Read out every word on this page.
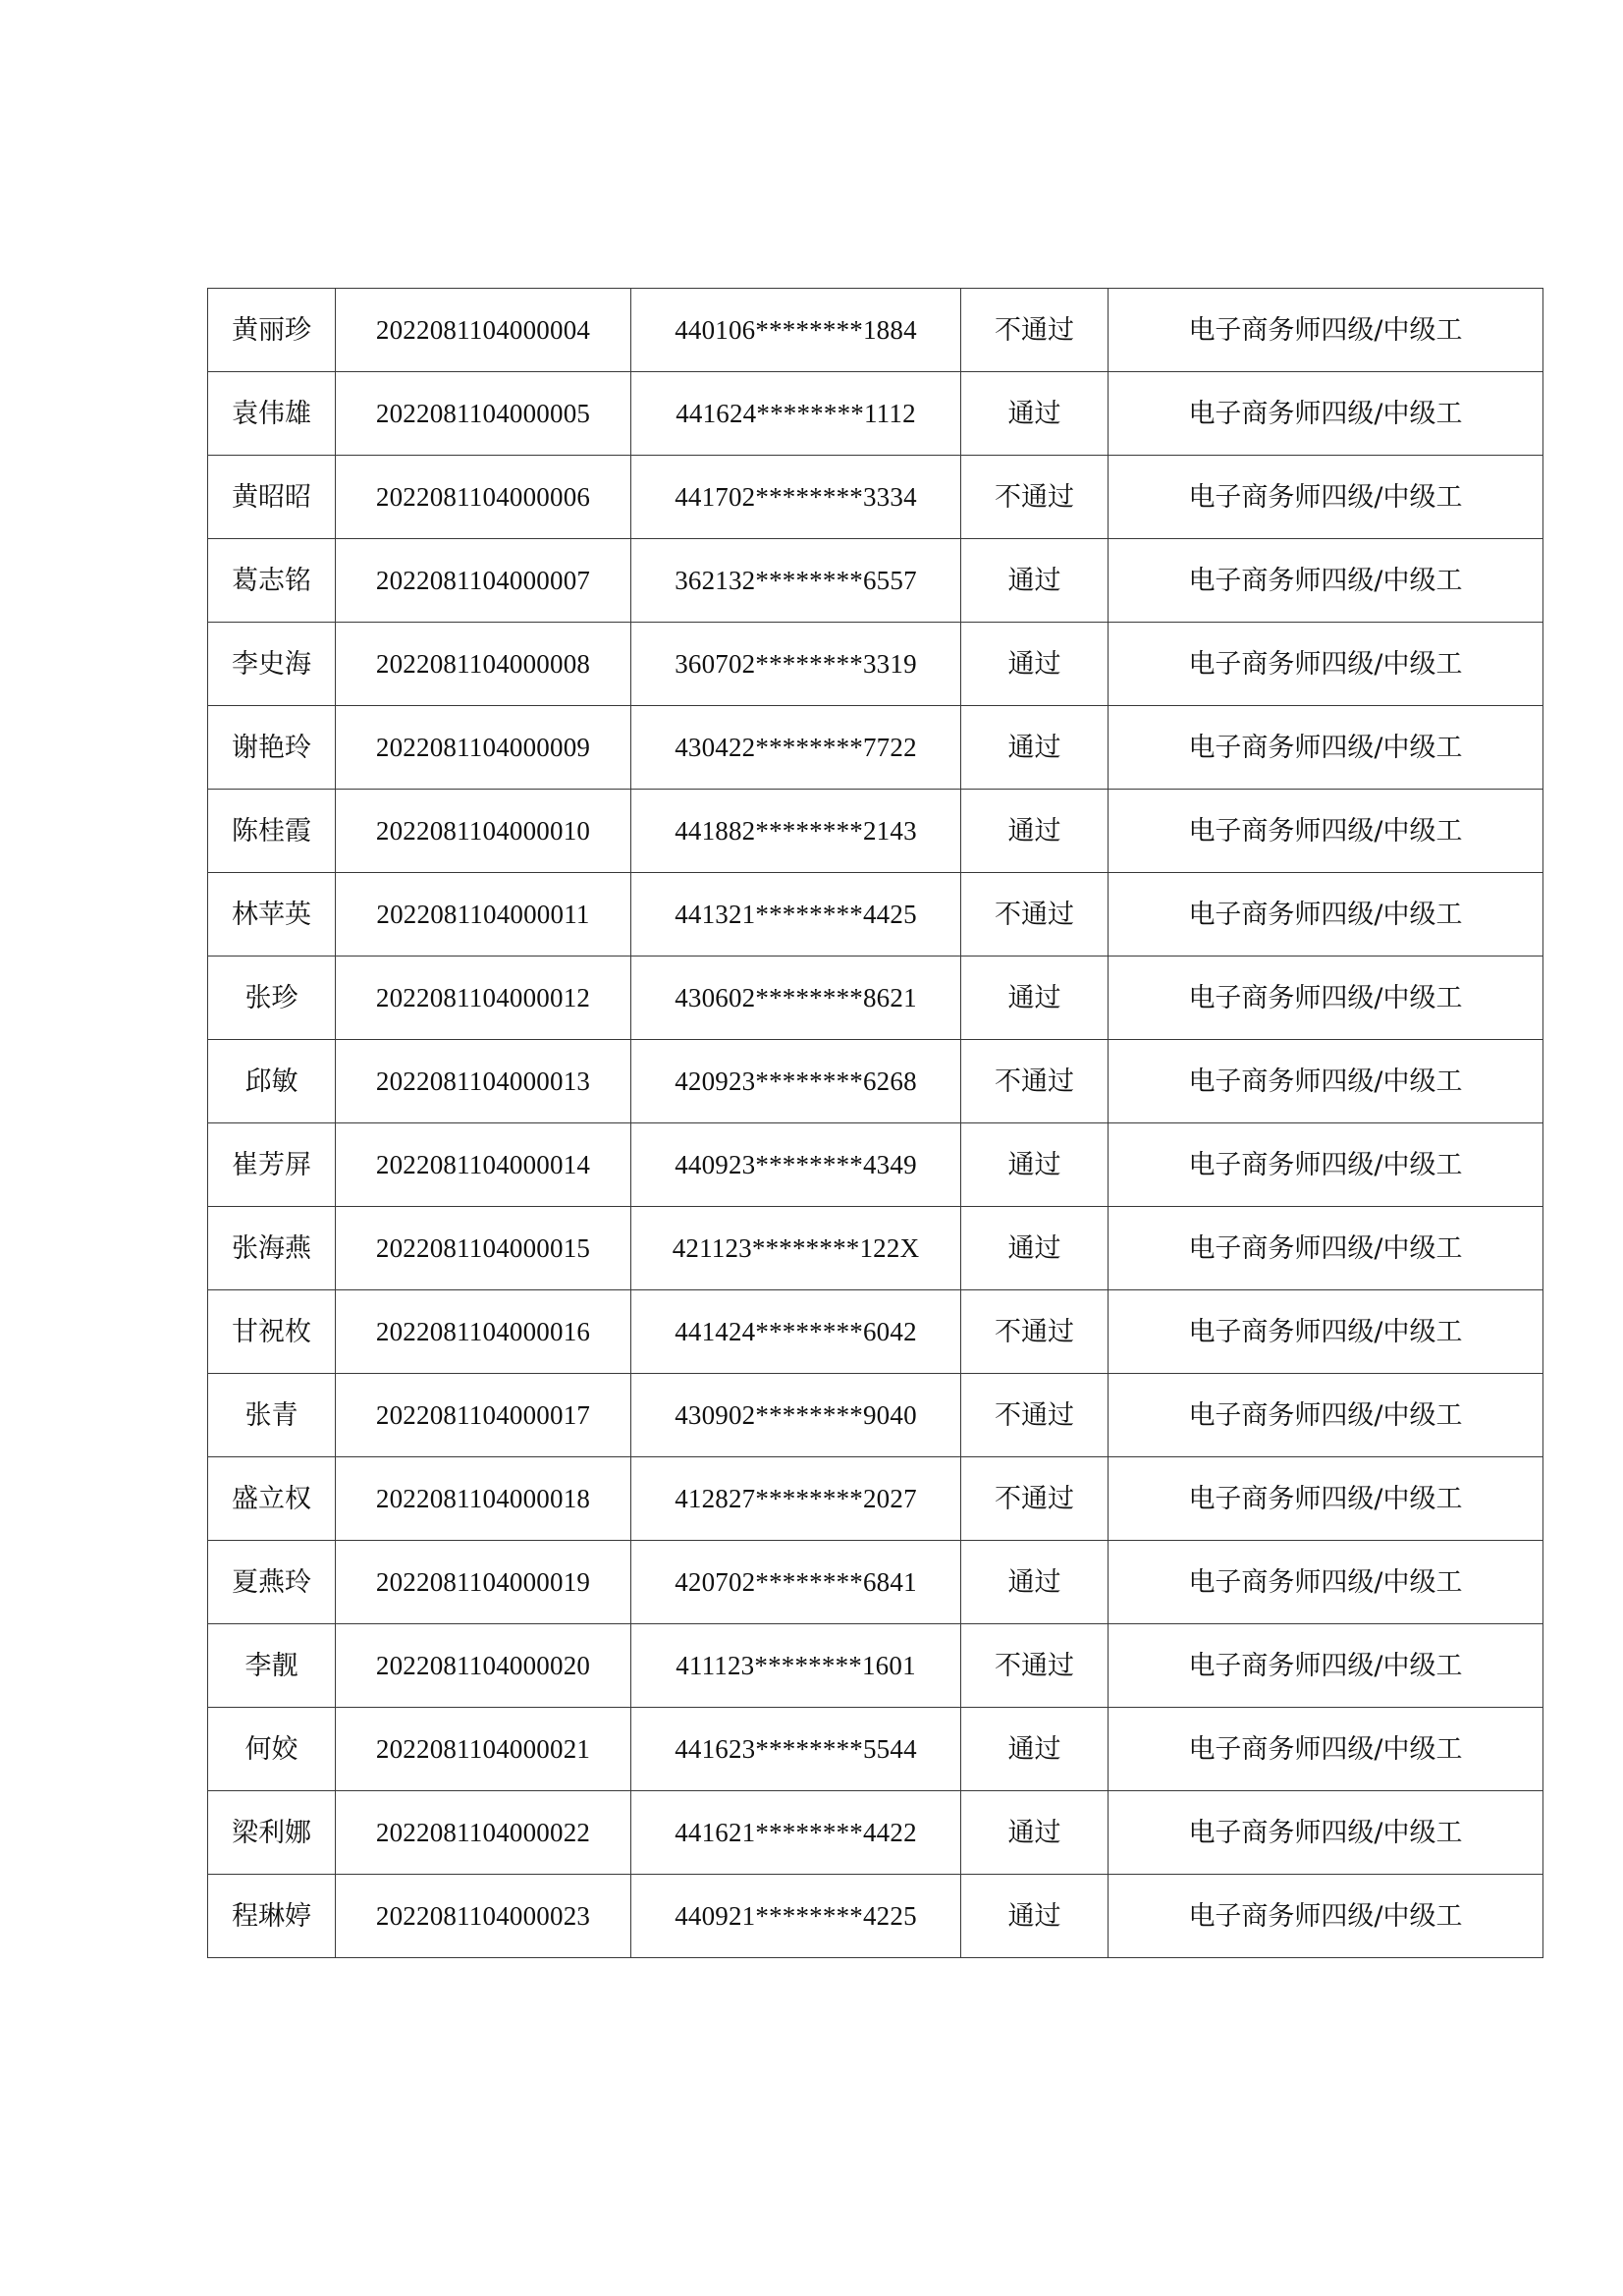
黄丽珍	2022081104000004	440106********1884	不通过	电子商务师四级/中级工
袁伟雄	2022081104000005	441624********1112	通过	电子商务师四级/中级工
黄昭昭	2022081104000006	441702********3334	不通过	电子商务师四级/中级工
葛志铭	2022081104000007	362132********6557	通过	电子商务师四级/中级工
李史海	2022081104000008	360702********3319	通过	电子商务师四级/中级工
谢艳玲	2022081104000009	430422********7722	通过	电子商务师四级/中级工
陈桂霞	2022081104000010	441882********2143	通过	电子商务师四级/中级工
林苹英	2022081104000011	441321********4425	不通过	电子商务师四级/中级工
张珍	2022081104000012	430602********8621	通过	电子商务师四级/中级工
邱敏	2022081104000013	420923********6268	不通过	电子商务师四级/中级工
崔芳屏	2022081104000014	440923********4349	通过	电子商务师四级/中级工
张海燕	2022081104000015	421123********122X	通过	电子商务师四级/中级工
甘祝枚	2022081104000016	441424********6042	不通过	电子商务师四级/中级工
张青	2022081104000017	430902********9040	不通过	电子商务师四级/中级工
盛立权	2022081104000018	412827********2027	不通过	电子商务师四级/中级工
夏燕玲	2022081104000019	420702********6841	通过	电子商务师四级/中级工
李靓	2022081104000020	411123********1601	不通过	电子商务师四级/中级工
何姣	2022081104000021	441623********5544	通过	电子商务师四级/中级工
梁利娜	2022081104000022	441621********4422	通过	电子商务师四级/中级工
程琳婷	2022081104000023	440921********4225	通过	电子商务师四级/中级工
